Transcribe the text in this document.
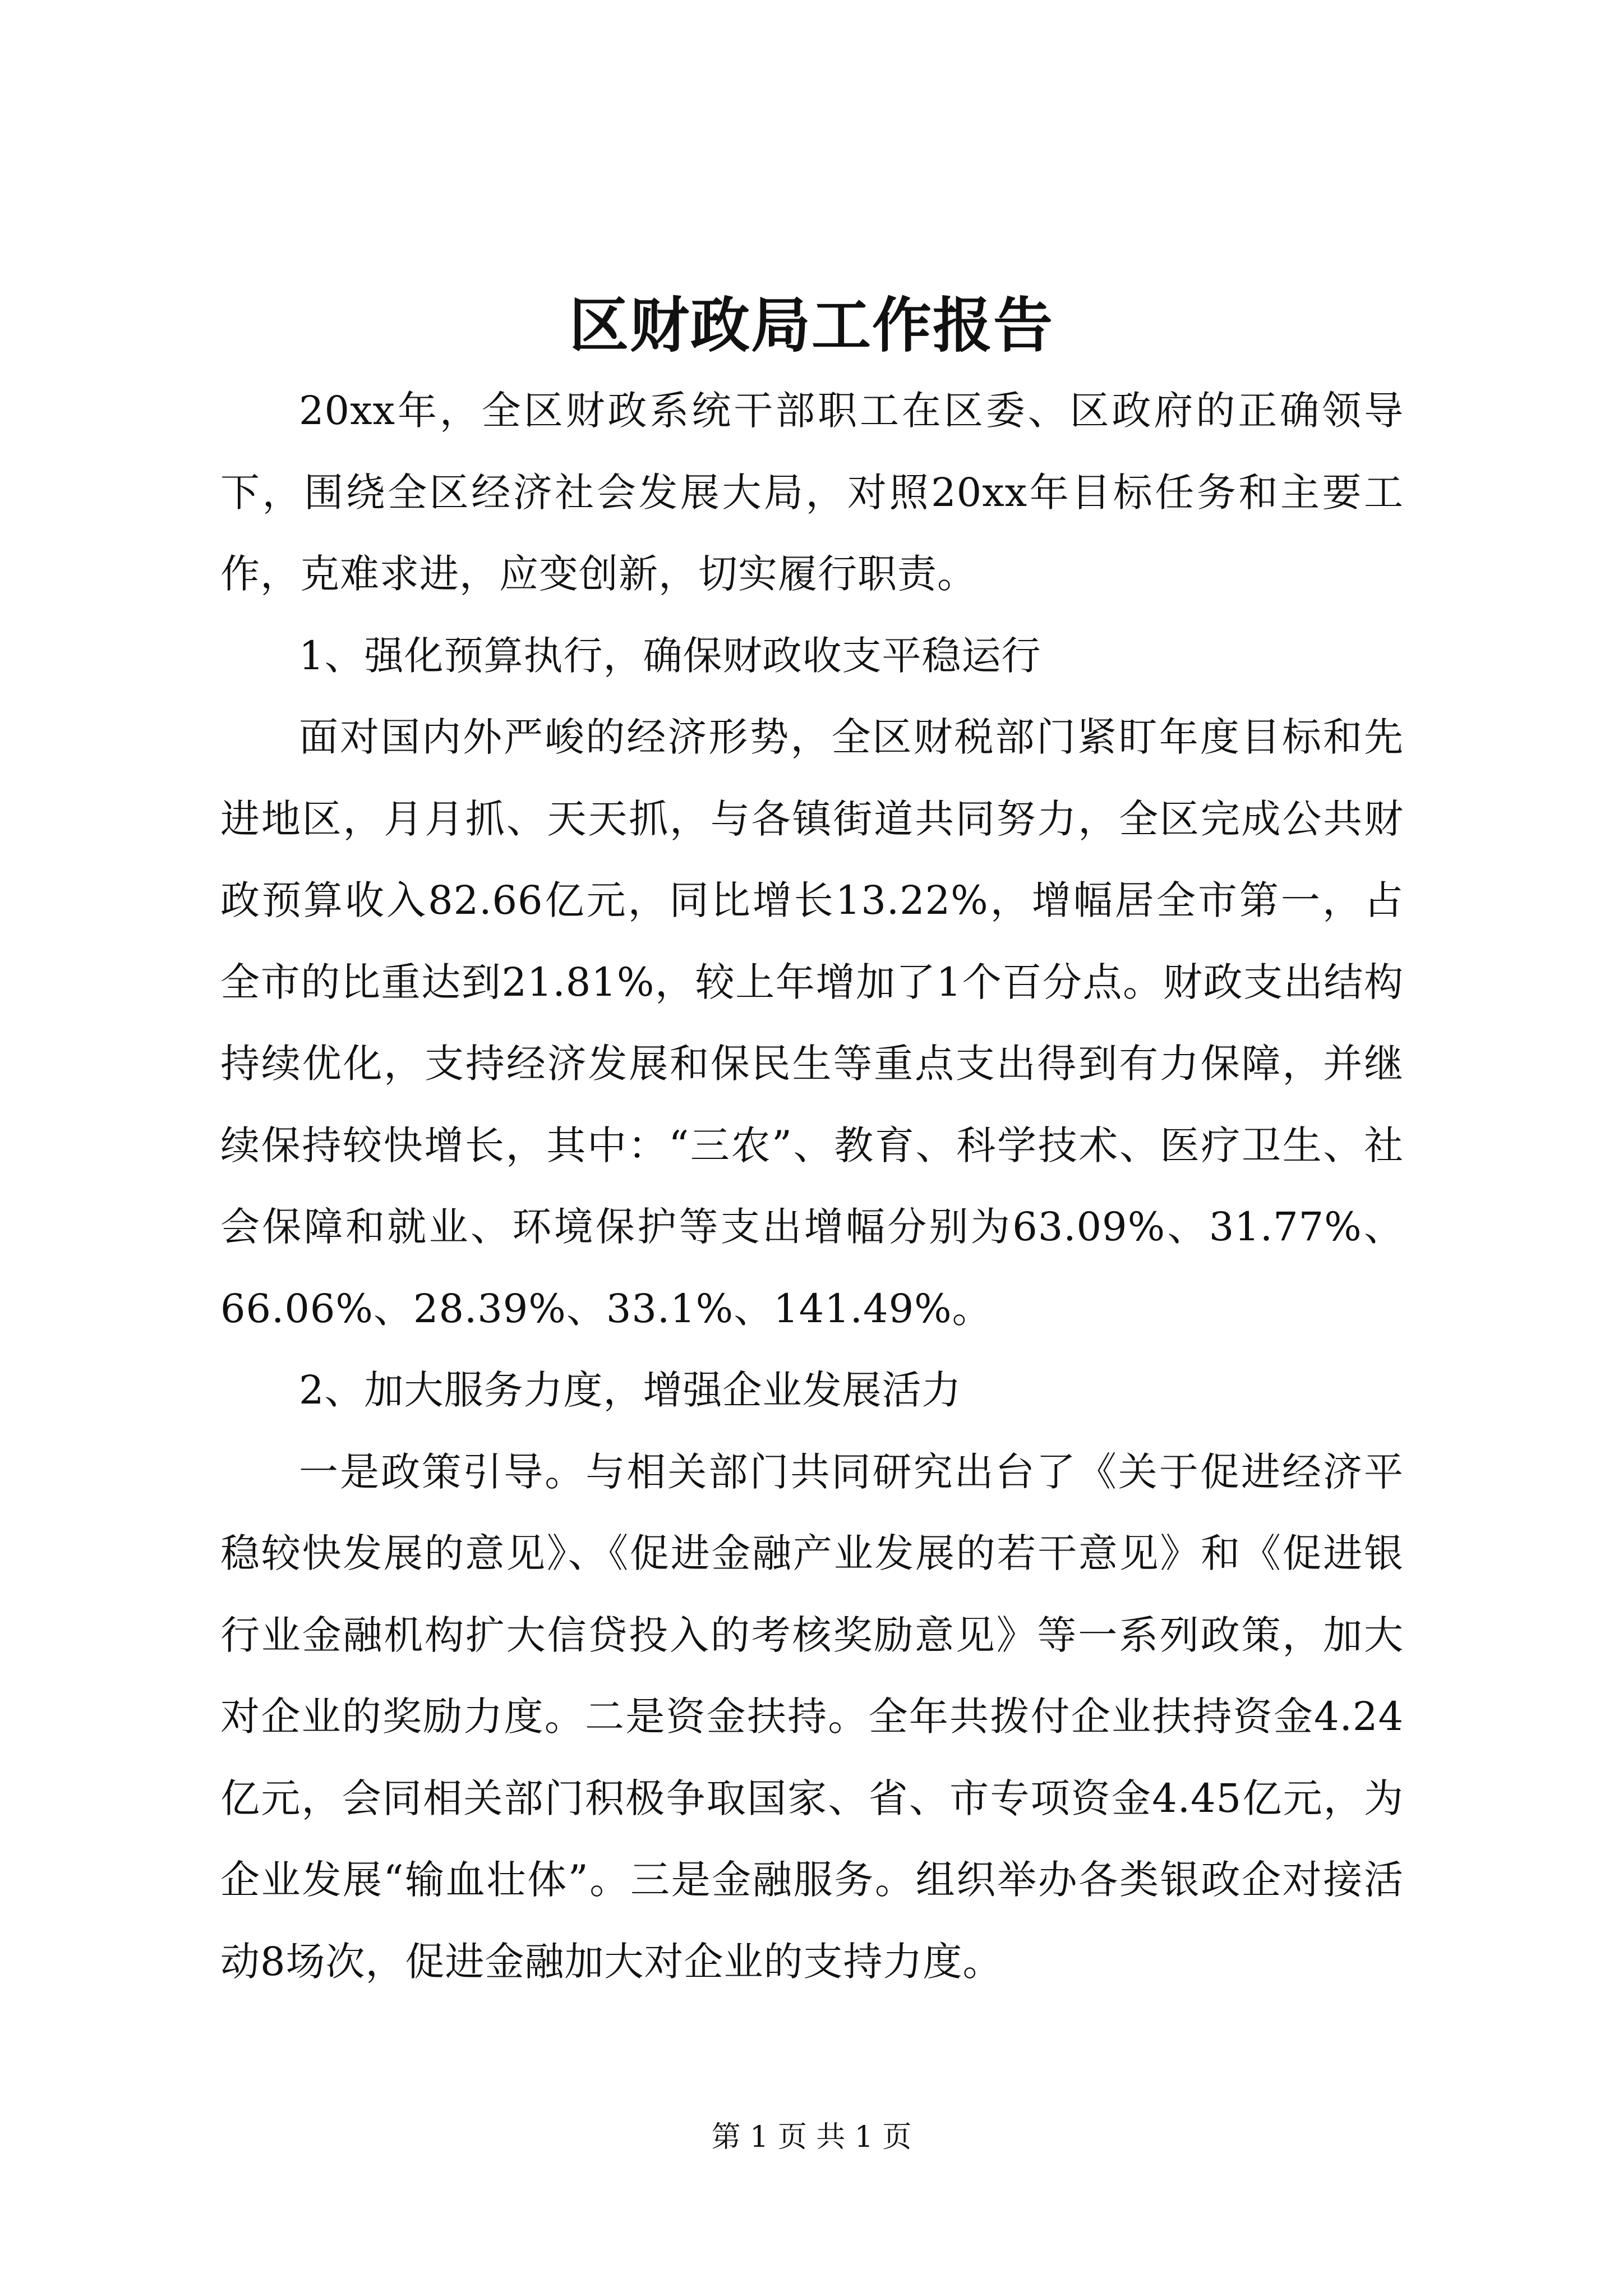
区财政局工作报告

20xx年，全区财政系统干部职工在区委、区政府的正确领导下，围绕全区经济社会发展大局，对照20xx年目标任务和主要工作，克难求进，应变创新，切实履行职责。

1、强化预算执行，确保财政收支平稳运行

面对国内外严峻的经济形势，全区财税部门紧盯年度目标和先进地区，月月抓、天天抓，与各镇街道共同努力，全区完成公共财政预算收入82.66亿元，同比增长13.22%，增幅居全市第一，占全市的比重达到21.81%，较上年增加了1个百分点。财政支出结构持续优化，支持经济发展和保民生等重点支出得到有力保障，并继续保持较快增长，其中：“三农”、教育、科学技术、医疗卫生、社会保障和就业、环境保护等支出增幅分别为63.09%、31.77%、66.06%、28.39%、33.1%、141.49%。

2、加大服务力度，增强企业发展活力

一是政策引导。与相关部门共同研究出台了《关于促进经济平稳较快发展的意见》、《促进金融产业发展的若干意见》和《促进银行业金融机构扩大信贷投入的考核奖励意见》等一系列政策，加大对企业的奖励力度。二是资金扶持。全年共拨付企业扶持资金4.24亿元，会同相关部门积极争取国家、省、市专项资金4.45亿元，为企业发展“输血壮体”。三是金融服务。组织举办各类银政企对接活动8场次，促进金融加大对企业的支持力度。

第 1 页 共 1 页
